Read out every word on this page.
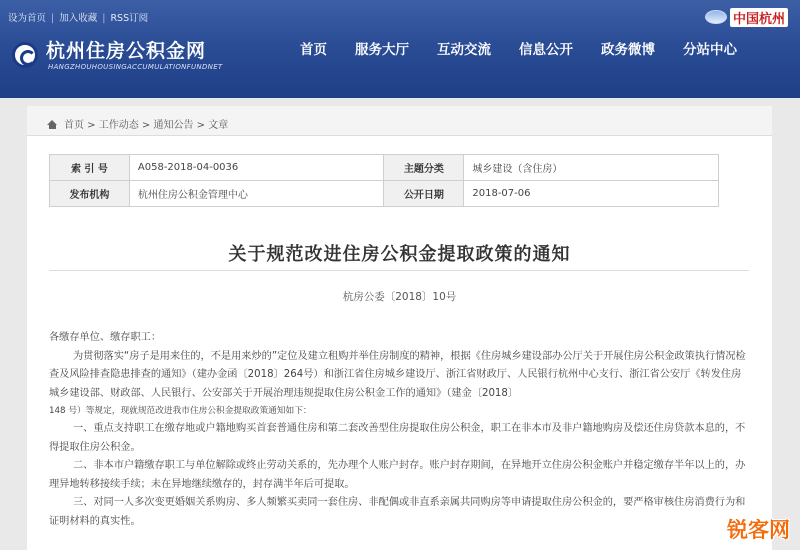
设为首页 | 加入收藏 | RSS订阅	中国杭州
杭州住房公积金网
HANGZHOUHOUSINGACCUMULATIONFUNDNET
首页 服务大厅 互动交流 信息公开 政务微博 分站中心
首页 > 工作动态 > 通知公告 > 文章
索 引 号	A058-2018-04-0036	主题分类	城乡建设（含住房）
发布机构	杭州住房公积金管理中心	公开日期	2018-07-06
关于规范改进住房公积金提取政策的通知
杭房公委〔2018〕10号

各缴存单位、缴存职工：

为贯彻落实“房子是用来住的，不是用来炒的”定位及建立租购并举住房制度的精神，根据《住房城乡建设部办公厅关于开展住房公积金政策执行情况检查及风险排查隐患排查的通知》（建办金函〔2018〕264号）和浙江省住房城乡建设厅、浙江省财政厅、人民银行杭州中心支行、浙江省公安厅《转发住房城乡建设部、财政部、人民银行、公安部关于开展治理违规提取住房公积金工作的通知》（建金〔2018〕

148 号）等规定，现就规范改进我市住房公积金提取政策通知如下：

一、重点支持职工在缴存地或户籍地购买首套普通住房和第二套改善型住房提取住房公积金，职工在非本市及非户籍地购房及偿还住房贷款本息的，不得提取住房公积金。

二、非本市户籍缴存职工与单位解除或终止劳动关系的，先办理个人账户封存。账户封存期间，在异地开立住房公积金账户并稳定缴存半年以上的，办理异地转移接续手续；未在异地继续缴存的，封存满半年后可提取。

三、对同一人多次变更婚姻关系购房、多人频繁买卖同一套住房、非配偶或非直系亲属共同购房等申请提取住房公积金的，要严格审核住房消费行为和证明材料的真实性。	锐客网
